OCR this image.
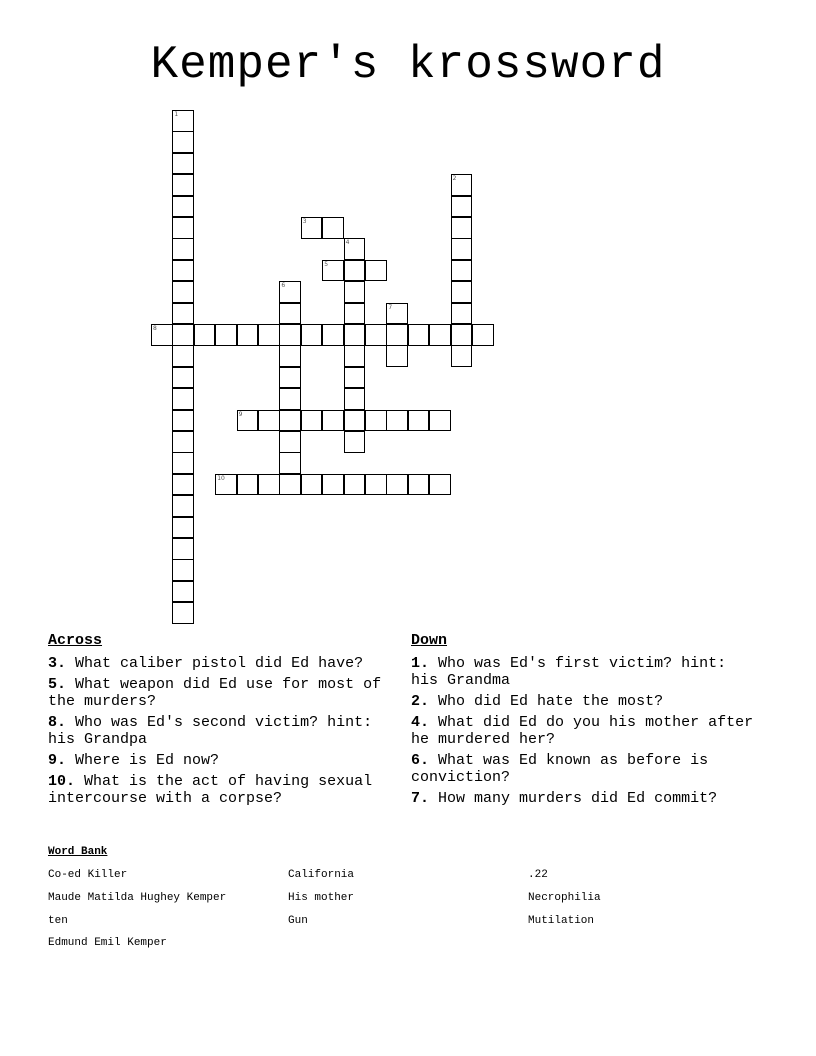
Kemper's krossword
1
2
3
4
5
6
7
8
9
10
Across
3. What caliber pistol did Ed have?
5. What weapon did Ed use for most of the murders?
8. Who was Ed's second victim? hint: his Grandpa
9. Where is Ed now?
10. What is the act of having sexual intercourse with a corpse?
Down
1. Who was Ed's first victim? hint: his Grandma
2. Who did Ed hate the most?
4. What did Ed do you his mother after he murdered her?
6. What was Ed known as before is conviction?
7. How many murders did Ed commit?
Word Bank
Co-ed Killer	California	.22
Maude Matilda Hughey Kemper	His mother	Necrophilia
ten	Gun	Mutilation
Edmund Emil Kemper
